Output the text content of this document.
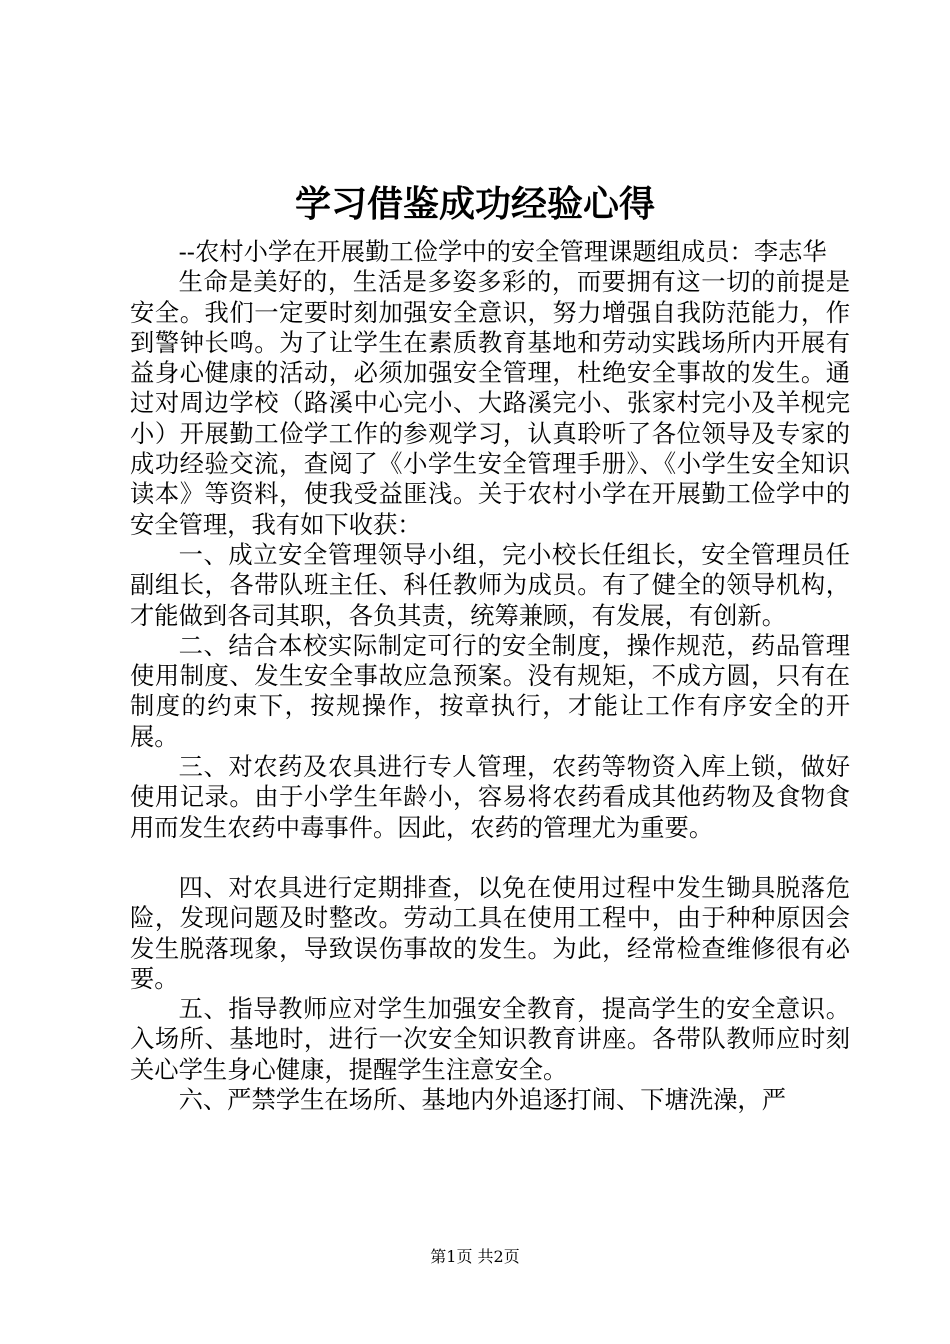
学习借鉴成功经验心得

--农村小学在开展勤工俭学中的安全管理课题组成员：李志华

生命是美好的，生活是多姿多彩的，而要拥有这一切的前提是安全。我们一定要时刻加强安全意识，努力增强自我防范能力，作到警钟长鸣。为了让学生在素质教育基地和劳动实践场所内开展有益身心健康的活动，必须加强安全管理，杜绝安全事故的发生。通过对周边学校（路溪中心完小、大路溪完小、张家村完小及羊枧完小）开展勤工俭学工作的参观学习，认真聆听了各位领导及专家的成功经验交流，查阅了《小学生安全管理手册》、《小学生安全知识读本》等资料，使我受益匪浅。关于农村小学在开展勤工俭学中的安全管理，我有如下收获：

一、成立安全管理领导小组，完小校长任组长，安全管理员任副组长，各带队班主任、科任教师为成员。有了健全的领导机构，才能做到各司其职，各负其责，统筹兼顾，有发展，有创新。

二、结合本校实际制定可行的安全制度，操作规范，药品管理使用制度、发生安全事故应急预案。没有规矩，不成方圆，只有在制度的约束下，按规操作，按章执行，才能让工作有序安全的开展。

三、对农药及农具进行专人管理，农药等物资入库上锁，做好使用记录。由于小学生年龄小，容易将农药看成其他药物及食物食用而发生农药中毒事件。因此，农药的管理尤为重要。

四、对农具进行定期排查，以免在使用过程中发生锄具脱落危险，发现问题及时整改。劳动工具在使用工程中，由于种种原因会发生脱落现象，导致误伤事故的发生。为此，经常检查维修很有必要。

五、指导教师应对学生加强安全教育，提高学生的安全意识。入场所、基地时，进行一次安全知识教育讲座。各带队教师应时刻关心学生身心健康，提醒学生注意安全。

六、严禁学生在场所、基地内外追逐打闹、下塘洗澡，严

第1页 共2页
